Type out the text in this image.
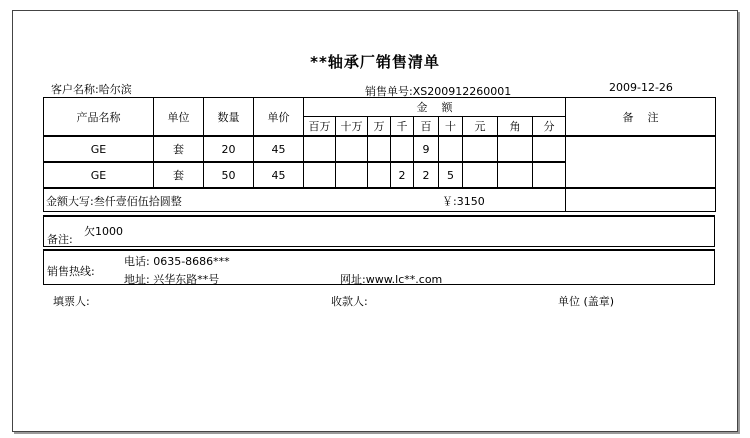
**轴承厂销售清单
客户名称:哈尔滨	销售单号:XS200912260001	2009-12-26
产品名称	单位	数量	单价	金    额									备    注
				百万	十万	万	千	百	十	元	角	分	
GE	套	20	45					9					
GE	套	50	45				2	2	5				

金额大写:叁仟壹佰伍拾圆整 ￥:3150													

备注:
欠1000
销售热线:
电话: 0635-8686***
地址: 兴华东路**号	网址:www.lc**.com
填票人:	收款人:	单位 (盖章)
